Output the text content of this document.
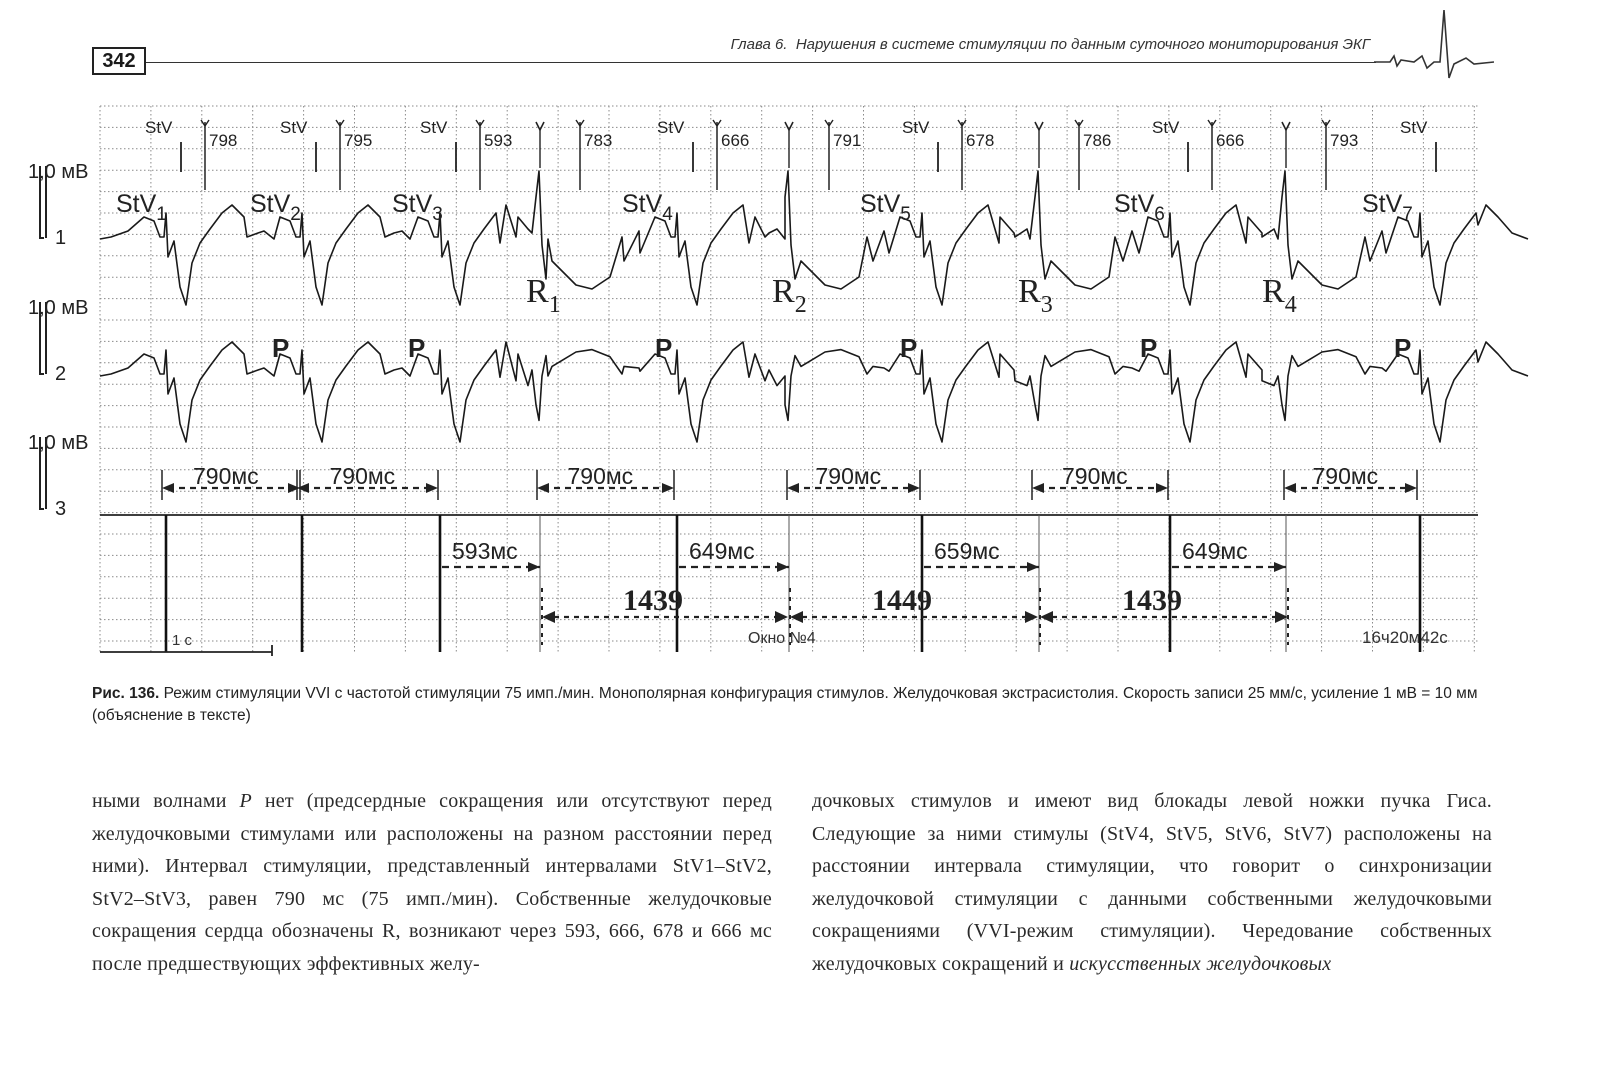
342
Глава 6. Нарушения в системе стимуляции по данным суточного мониторирования ЭКГ
1,0 мВ
1
1,0 мВ
2
1,0 мВ
3
StV
798
StV
795
StV
593	783
StV
666	791
StV
678	786
StV
666	793
StV
StV$_1$	StV$_2$	StV$_3$	StV$_4$	StV$_5$	StV$_6$	StV$_7$
$R_1$	$R_2$	$R_3$	$R_4$
P	P	P	P	P	P
790мс	790мс	790мс	790мс	790мс	790мс
593мс	649мс	659мс	649мс
1439	1449	1439
1 с	Окно №4	16ч20м42с
Рис. 136. Режим стимуляции VVI с частотой стимуляции 75 имп./мин. Монополярная конфигурация стимулов. Желудочковая экстрасистолия. Скорость записи 25 мм/с, усиление 1 мВ = 10 мм (объяснение в тексте)

ными волнами P нет (предсердные сокращения или отсутствуют перед желудочковыми стимулами или расположены на разном расстоянии перед ними). Интервал стимуляции, представленный интервалами StV1–StV2, StV2–StV3, равен 790 мс (75 имп./мин). Собственные желудочковые сокращения сердца обозначены R, возникают через 593, 666, 678 и 666 мс после предшествующих эффективных желу-

дочковых стимулов и имеют вид блокады левой ножки пучка Гиса. Следующие за ними стимулы (StV4, StV5, StV6, StV7) расположены на расстоянии интервала стимуляции, что говорит о синхронизации желудочковой стимуляции с данными собственными желудочковыми сокращениями (VVI-режим стимуляции). Чередование собственных желудочковых сокращений и искусственных желудочковых
